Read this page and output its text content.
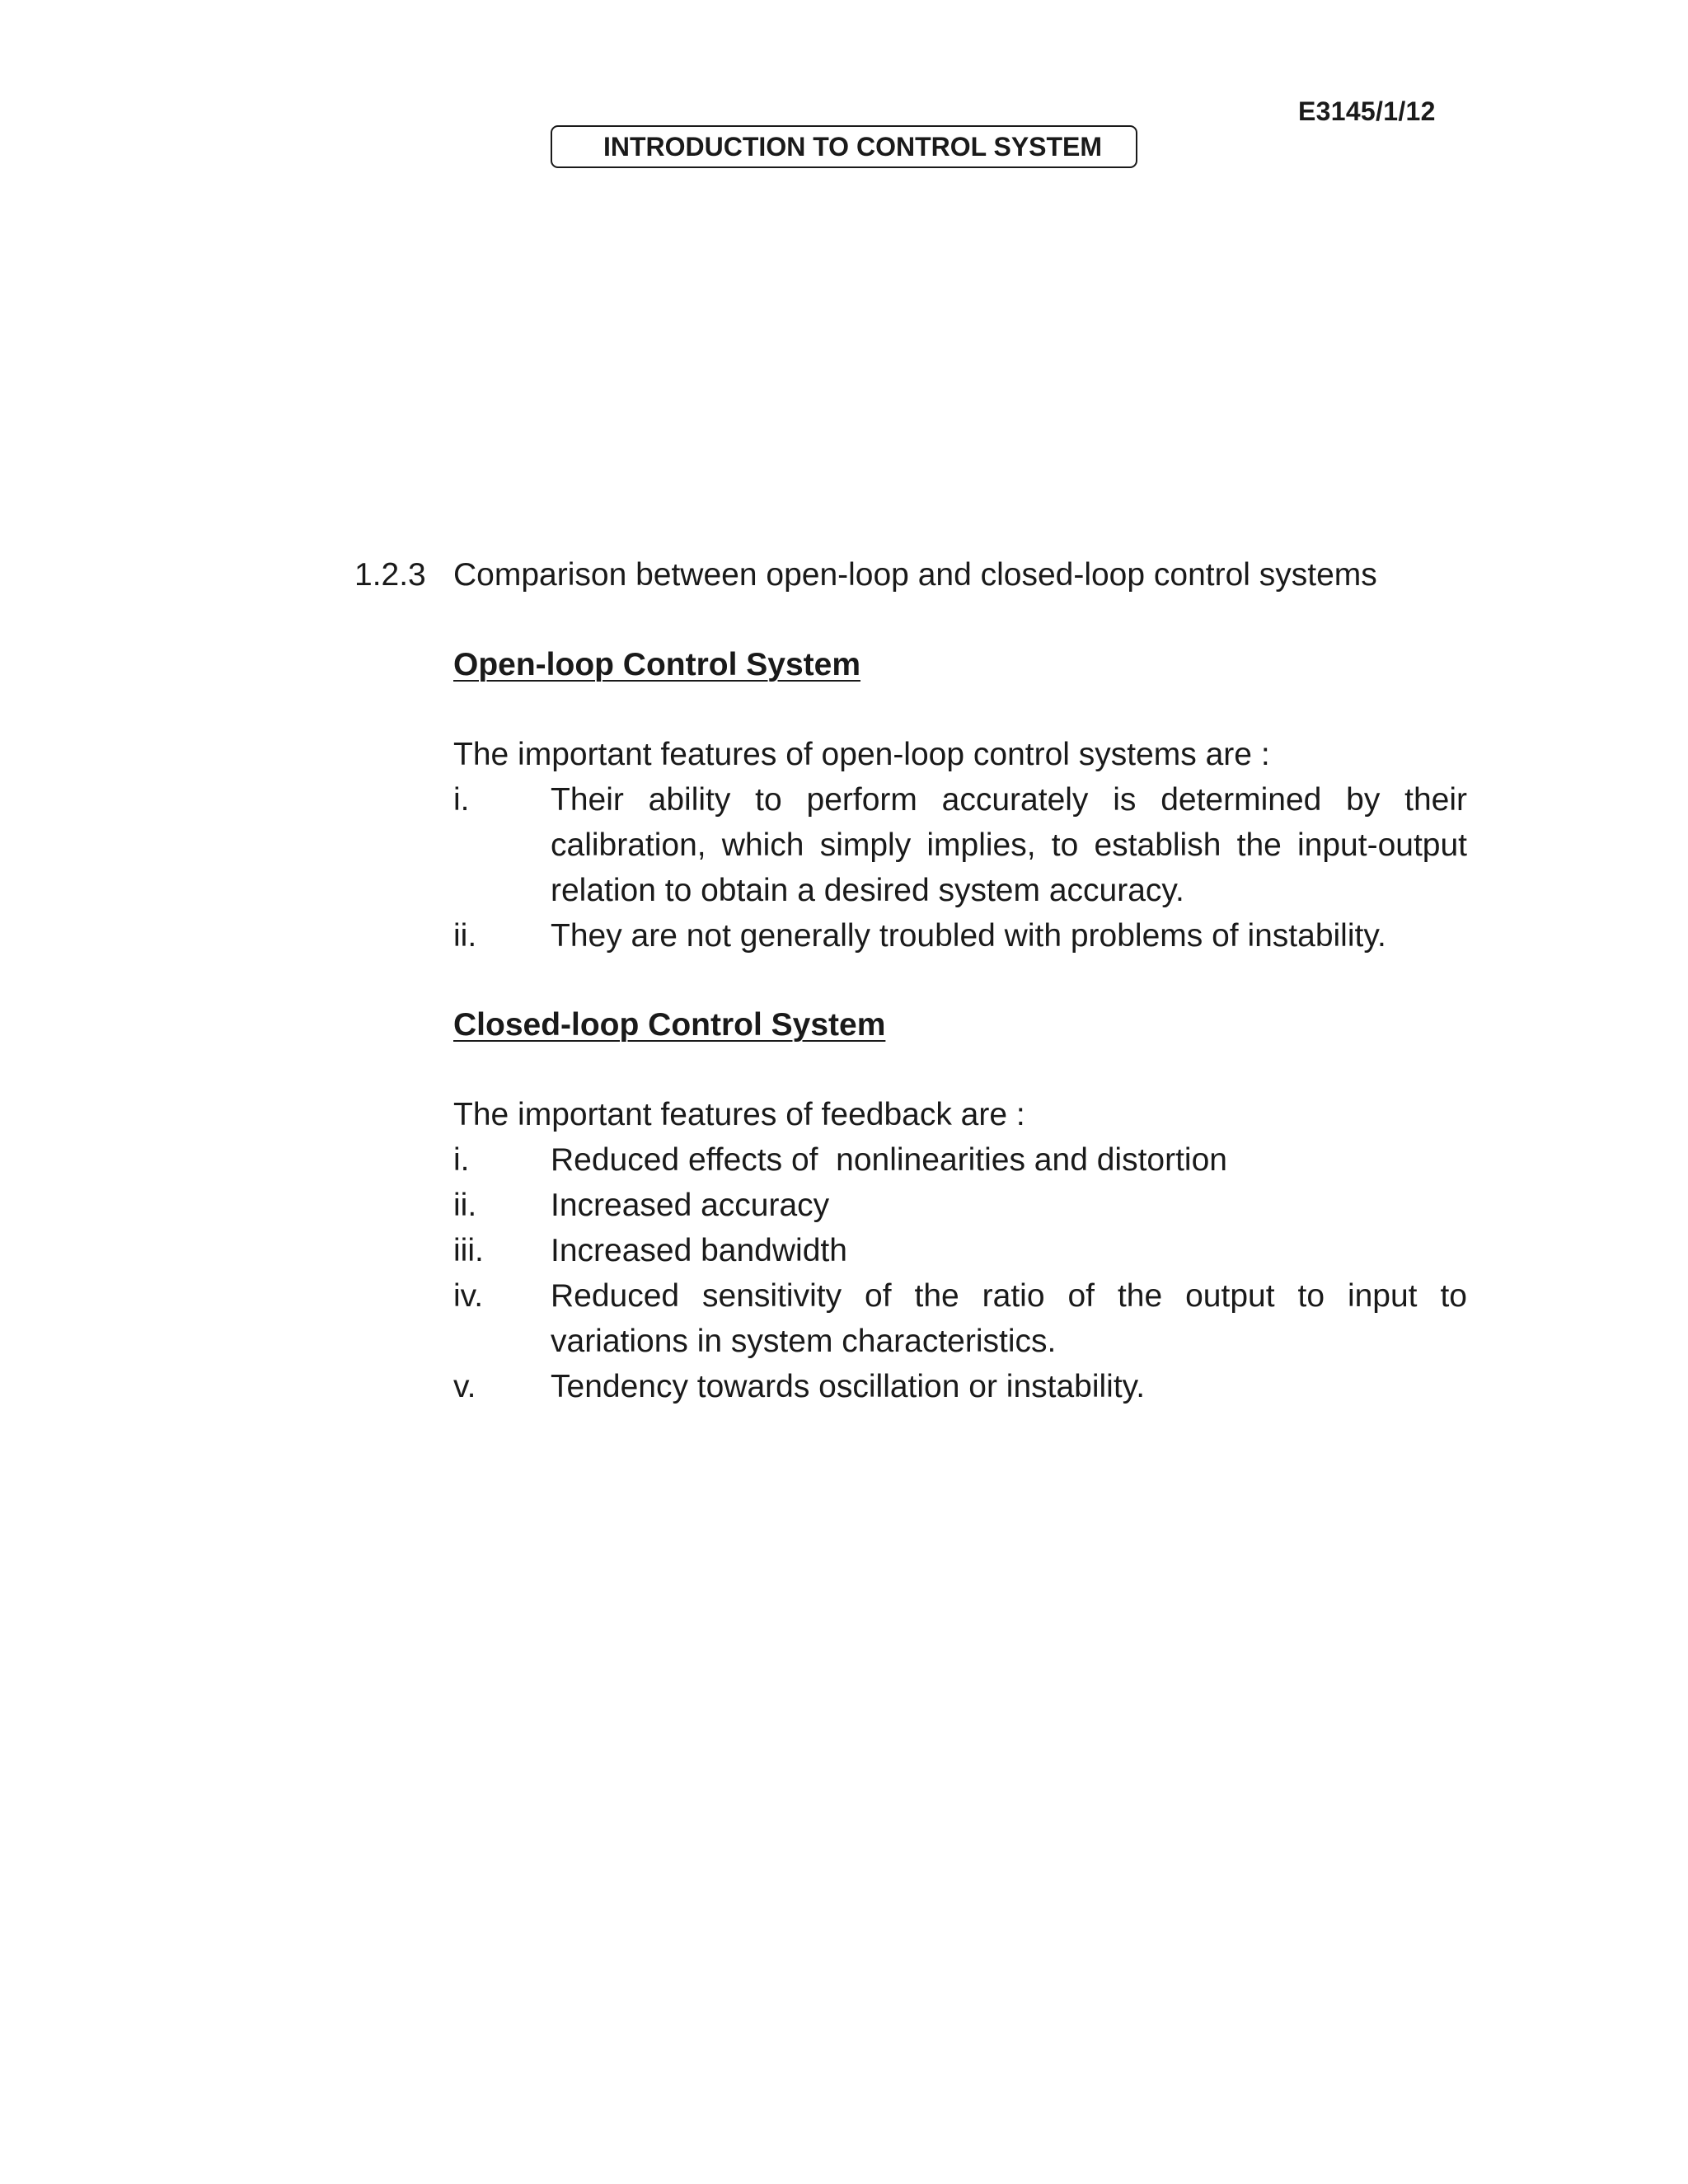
E3145/1/12
INTRODUCTION TO CONTROL SYSTEM
1.2.3 Comparison between open-loop and closed-loop control systems
Open-loop Control System
The important features of open-loop control systems are :
i.	Their ability to perform accurately is determined by their calibration, which simply implies, to establish the input-output relation to obtain a desired system accuracy.
ii.	They are not generally troubled with problems of instability.
Closed-loop Control System
The important features of feedback are :
i.	Reduced effects of  nonlinearities and distortion
ii.	Increased accuracy
iii.	Increased bandwidth
iv.	Reduced sensitivity of the ratio of the output to input to variations in system characteristics.
v.	Tendency towards oscillation or instability.
